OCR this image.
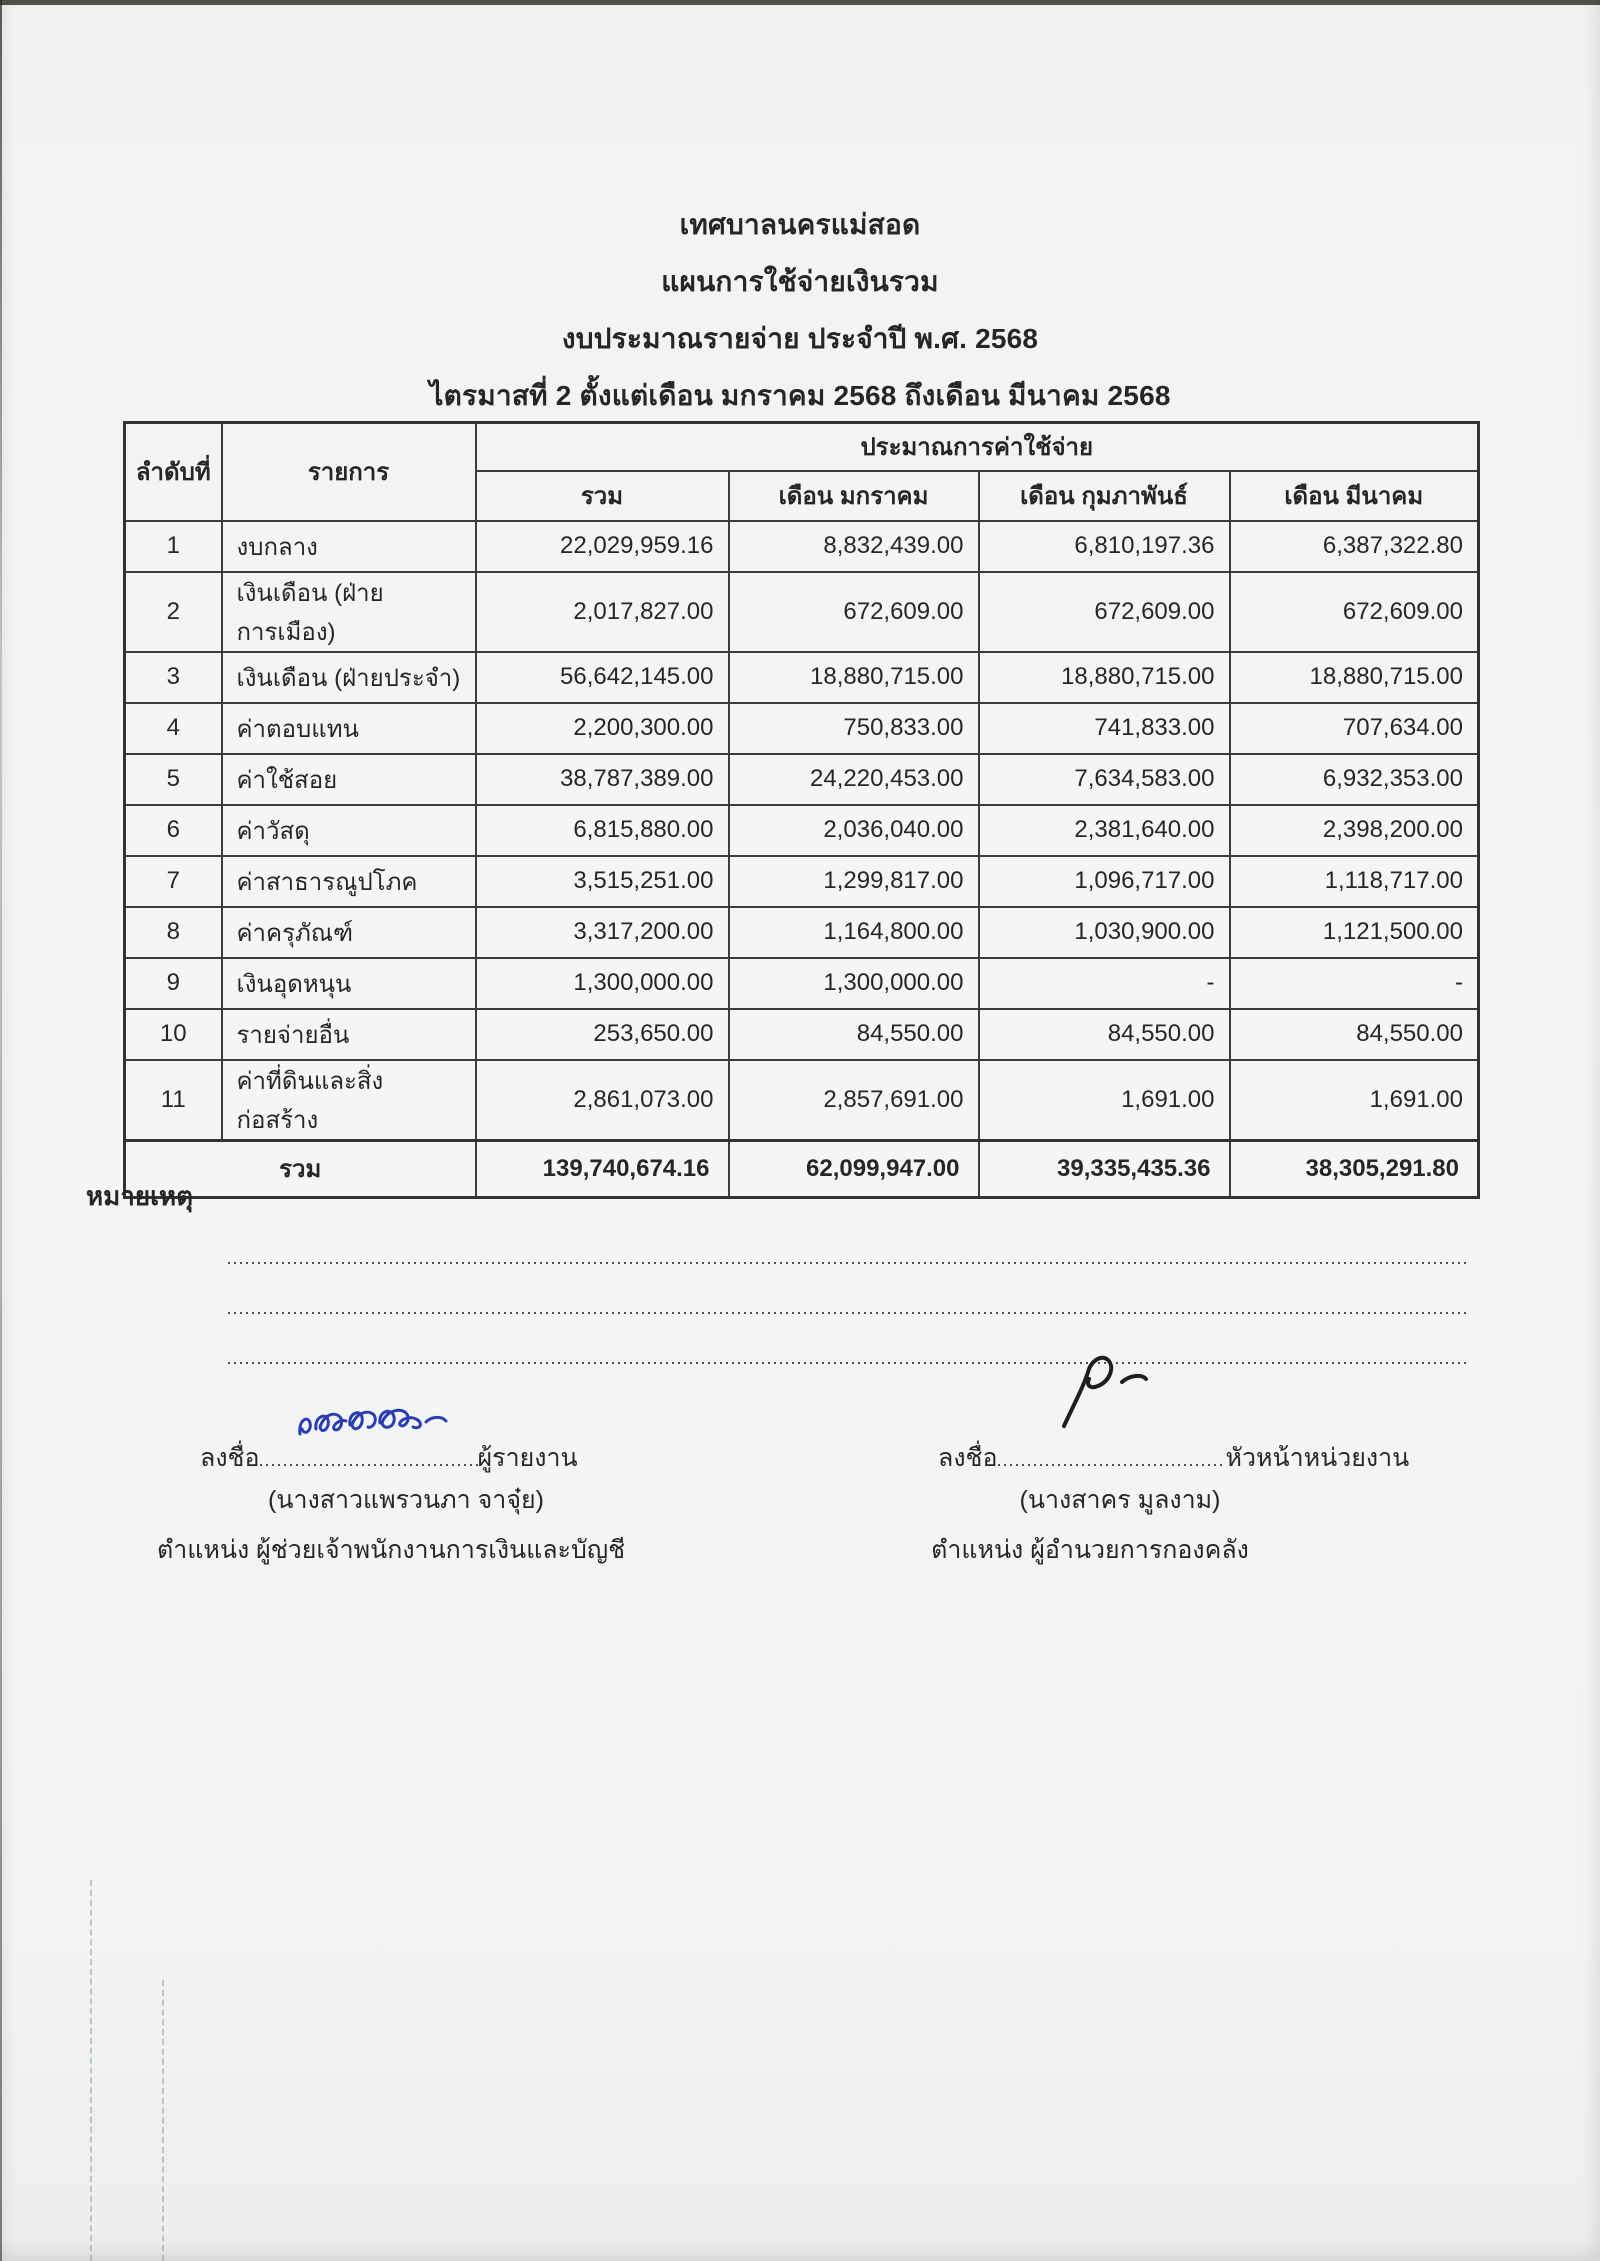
เทศบาลนครแม่สอด
แผนการใช้จ่ายเงินรวม
งบประมาณรายจ่าย ประจำปี พ.ศ. 2568
ไตรมาสที่ 2 ตั้งแต่เดือน มกราคม 2568 ถึงเดือน มีนาคม 2568
ลำดับที่	รายการ	ประมาณการค่าใช้จ่าย			
		รวม	เดือน มกราคม	เดือน กุมภาพันธ์	เดือน มีนาคม
1	งบกลาง	22,029,959.16	8,832,439.00	6,810,197.36	6,387,322.80
2	เงินเดือน (ฝ่ายการเมือง)	2,017,827.00	672,609.00	672,609.00	672,609.00
3	เงินเดือน (ฝ่ายประจำ)	56,642,145.00	18,880,715.00	18,880,715.00	18,880,715.00
4	ค่าตอบแทน	2,200,300.00	750,833.00	741,833.00	707,634.00
5	ค่าใช้สอย	38,787,389.00	24,220,453.00	7,634,583.00	6,932,353.00
6	ค่าวัสดุ	6,815,880.00	2,036,040.00	2,381,640.00	2,398,200.00
7	ค่าสาธารณูปโภค	3,515,251.00	1,299,817.00	1,096,717.00	1,118,717.00
8	ค่าครุภัณฑ์	3,317,200.00	1,164,800.00	1,030,900.00	1,121,500.00
9	เงินอุดหนุน	1,300,000.00	1,300,000.00	-	-
10	รายจ่ายอื่น	253,650.00	84,550.00	84,550.00	84,550.00
11	ค่าที่ดินและสิ่งก่อสร้าง	2,861,073.00	2,857,691.00	1,691.00	1,691.00
รวม		139,740,674.16	62,099,947.00	39,335,435.36	38,305,291.80
หมายเหตุ
ลงชื่อ	ผู้รายงาน
(นางสาวแพรวนภา จาจุ๋ย)
ตำแหน่ง ผู้ช่วยเจ้าพนักงานการเงินและบัญชี
ลงชื่อ	หัวหน้าหน่วยงาน
(นางสาคร มูลงาม)
ตำแหน่ง ผู้อำนวยการกองคลัง
